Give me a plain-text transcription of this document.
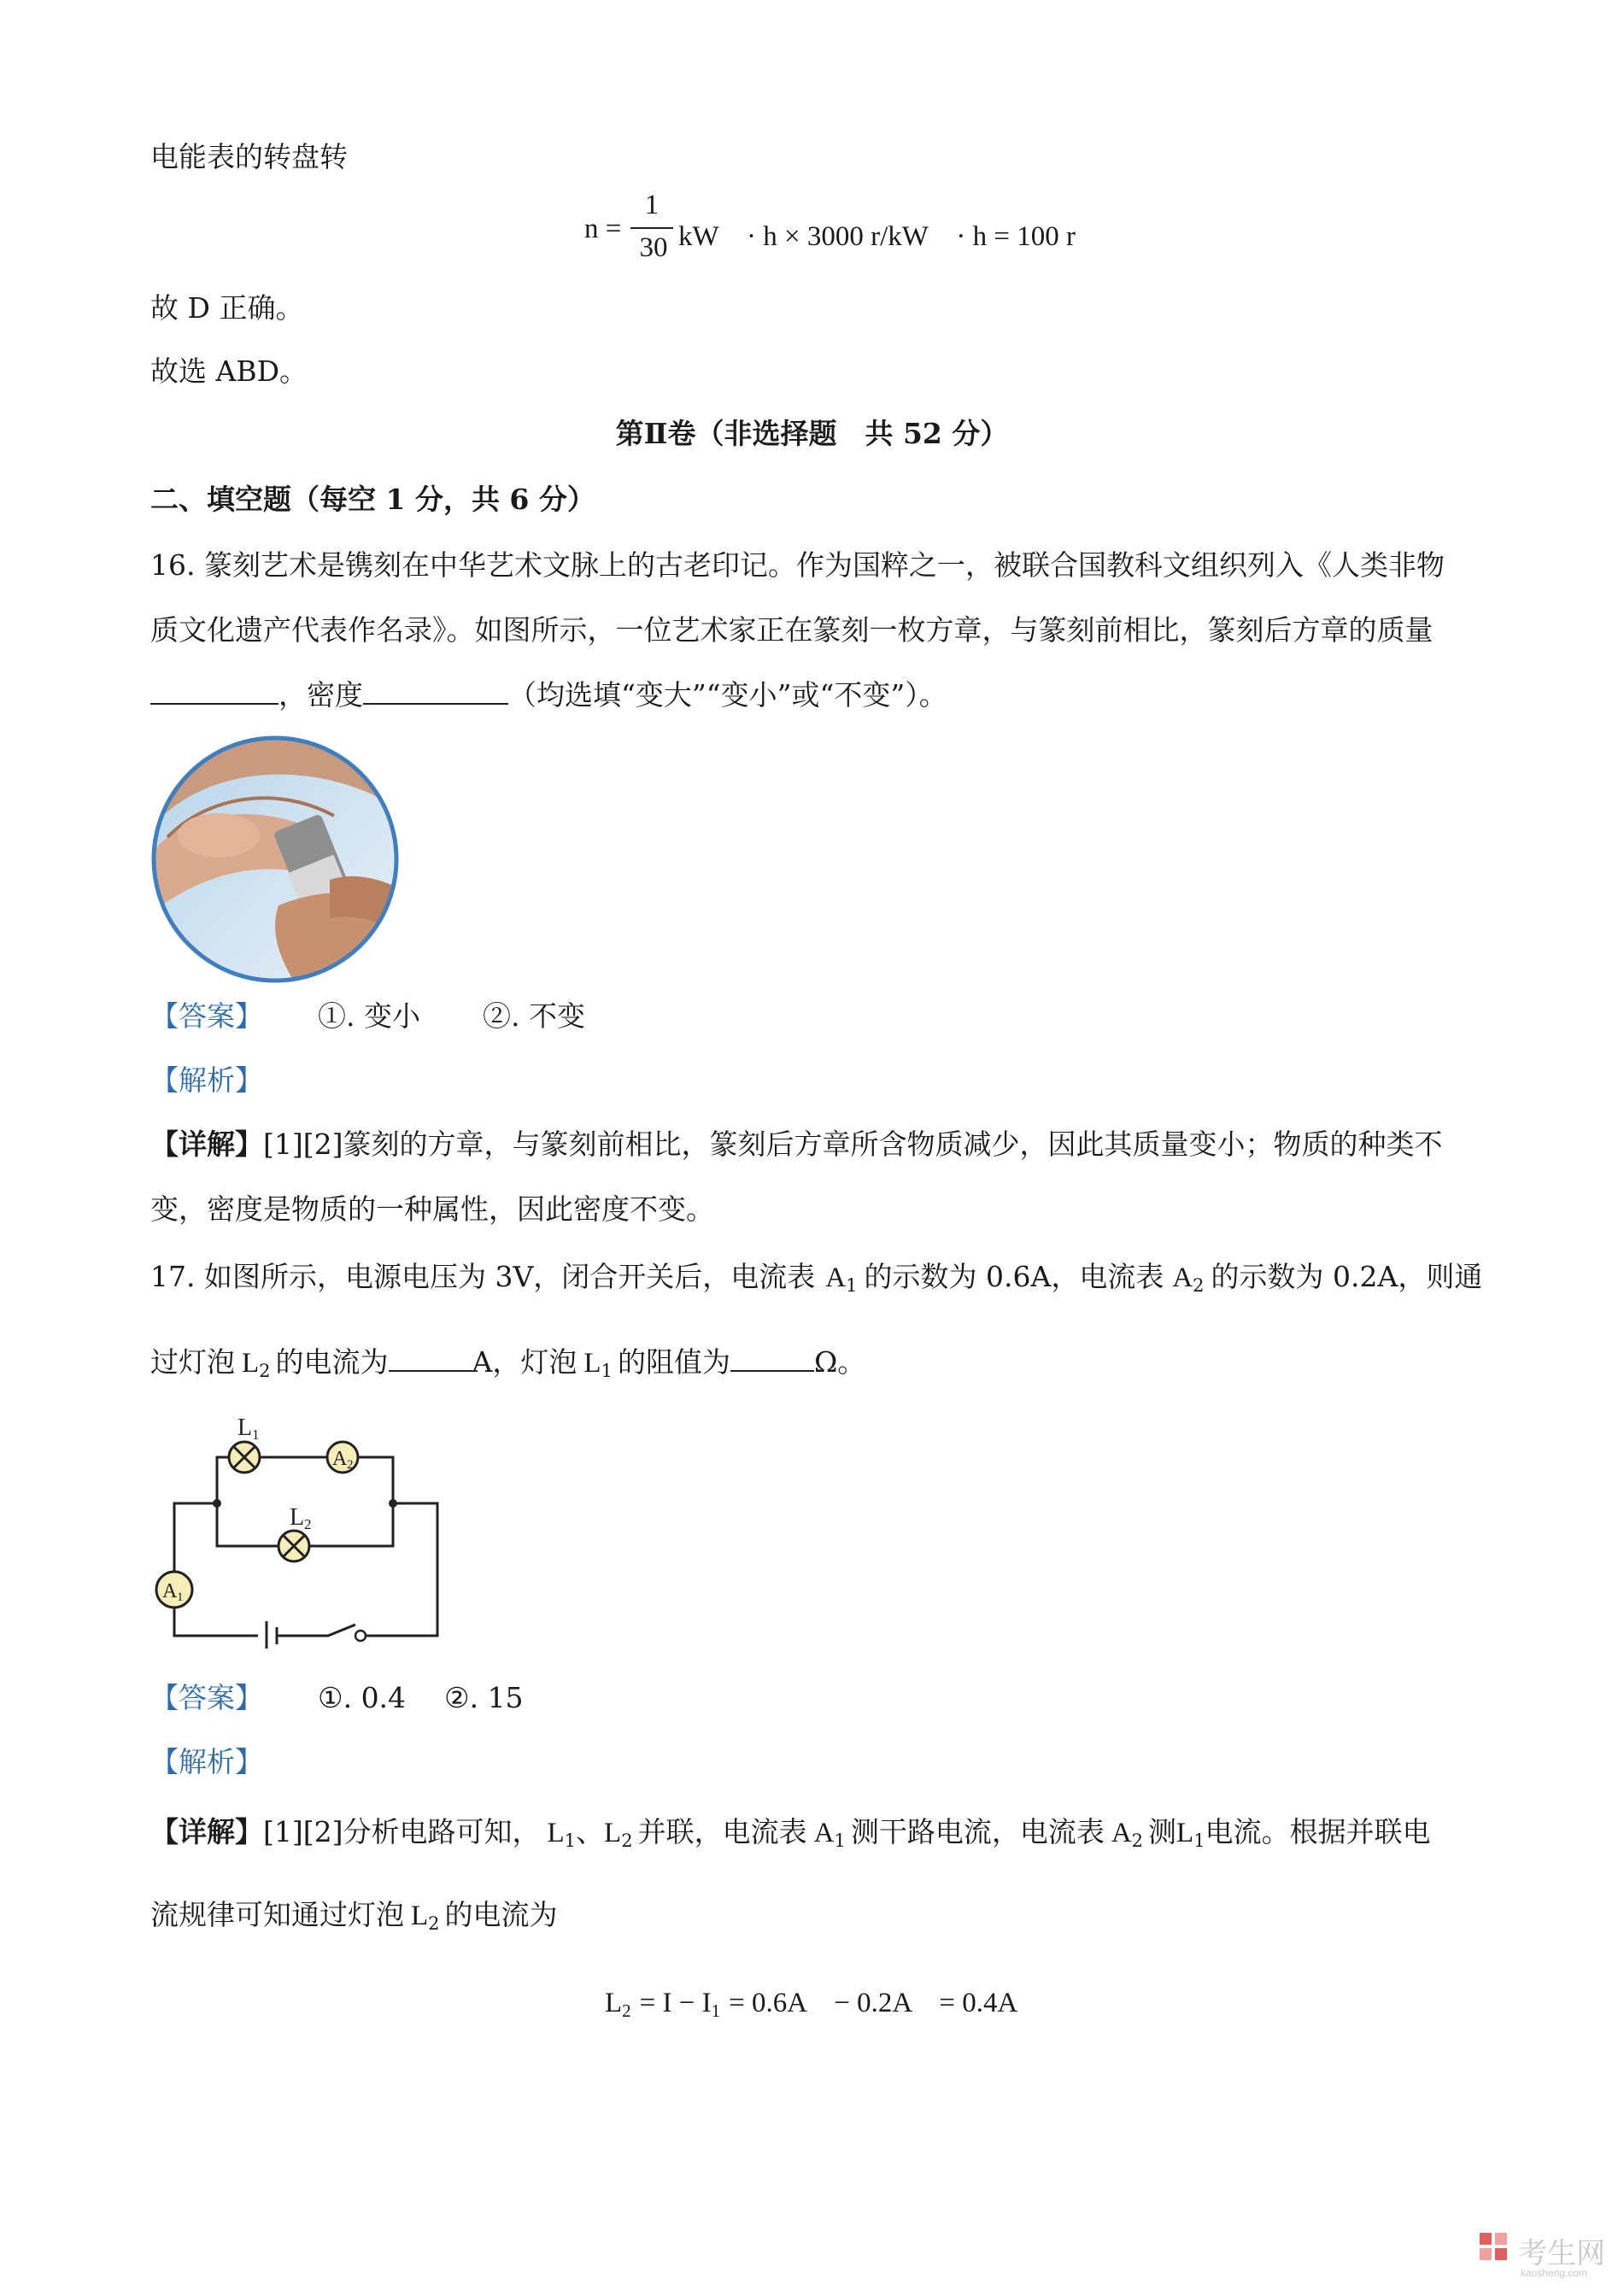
电能表的转盘转
n =
1
30 kW　· h × 3000 r/kW　· h = 100 r
故 D 正确。
故选 ABD。
第Ⅱ卷（非选择题　共 52 分）
二、填空题（每空 1 分，共 6 分）
16. 篆刻艺术是镌刻在中华艺术文脉上的古老印记。作为国粹之一，被联合国教科文组织列入《人类非物
质文化遗产代表作名录》。如图所示，一位艺术家正在篆刻一枚方章，与篆刻前相比，篆刻后方章的质量
，密度	（均选填“变大”“变小”或“不变”）。
【答案】 ①. 变小 ②. 不变
【解析】
【详解】[1][2]篆刻的方章，与篆刻前相比，篆刻后方章所含物质减少，因此其质量变小；物质的种类不
变，密度是物质的一种属性，因此密度不变。
17. 如图所示，电源电压为 3V，闭合开关后，电流表 $A_1$ 的示数为 0.6A，电流表 $A_2$ 的示数为 0.2A，则通
过灯泡 $L_2$ 的电流为	A，灯泡 $L_1$ 的阻值为	Ω。
L 1
L 2
A 2
A 1
【答案】 ①. 0.4 ②. 15
【解析】
【详解】[1][2]分析电路可知， $L_1$、$L_2$ 并联，电流表 $A_1$ 测干路电流，电流表 $A_2$ 测$L_1$电流。根据并联电
流规律可知通过灯泡 $L_2$ 的电流为
$L_2 = I - I_1 = 0.6A$　− 0.2A　= 0.4A
考生网
kaosheng.com
